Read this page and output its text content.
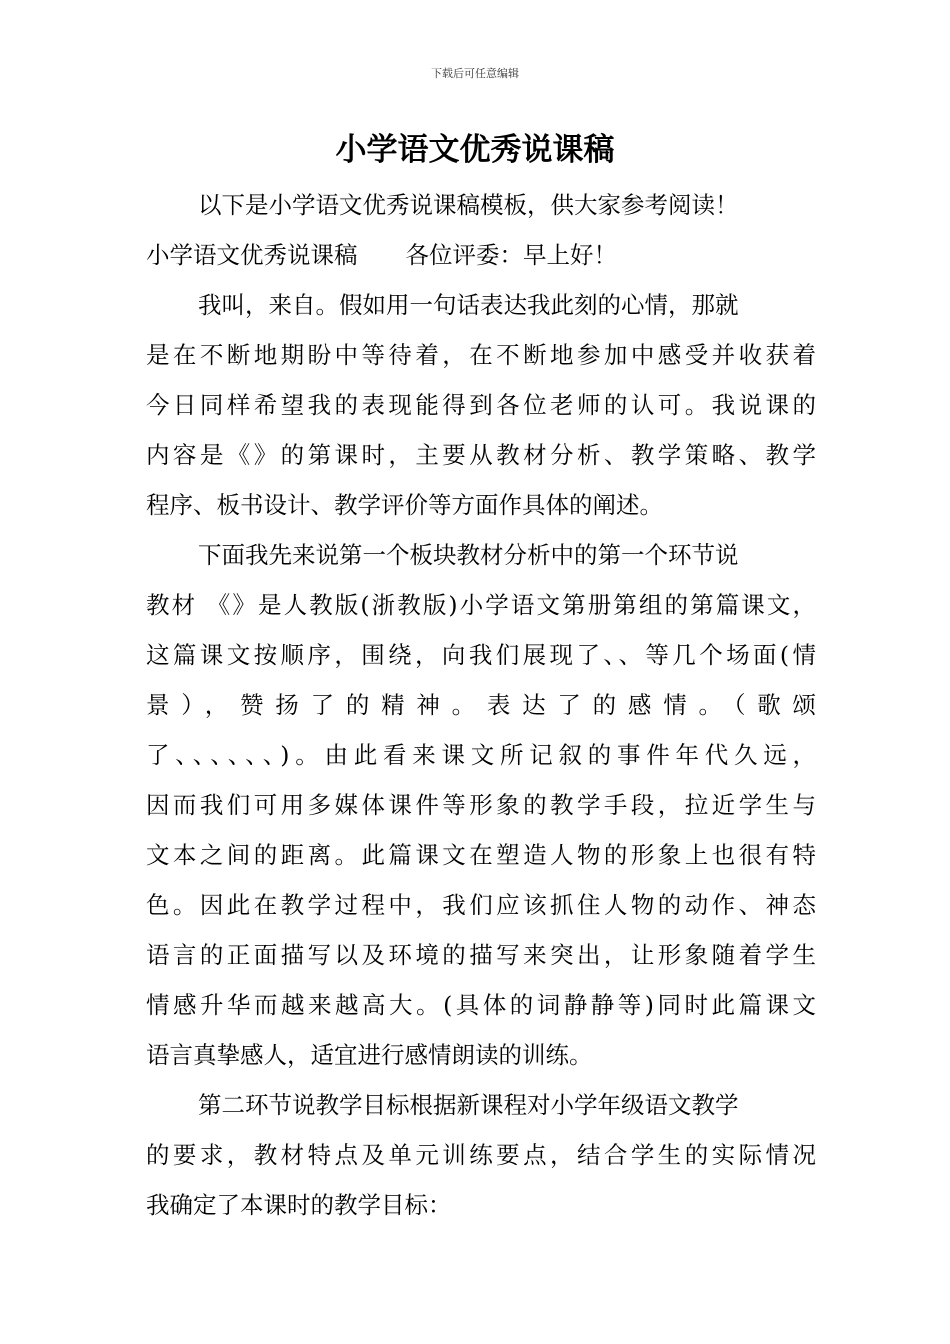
下载后可任意编辑
小学语文优秀说课稿
以下是小学语文优秀说课稿模板，供大家参考阅读！
小学语文优秀说课稿 各位评委：早上好！
我叫，来自。假如用一句话表达我此刻的心情，那就
是在不断地期盼中等待着，在不断地参加中感受并收获着
今日同样希望我的表现能得到各位老师的认可。我说课的
内容是《》的第课时，主要从教材分析、教学策略、教学
程序、板书设计、教学评价等方面作具体的阐述。
下面我先来说第一个板块教材分析中的第一个环节说
教材 《》是人教版(浙教版)小学语文第册第组的第篇课文，
这篇课文按顺序，围绕，向我们展现了、、等几个场面(情
景），赞扬了的精神。表达了的感情。（歌颂
了、、、、、、)。由此看来课文所记叙的事件年代久远，
因而我们可用多媒体课件等形象的教学手段，拉近学生与
文本之间的距离。此篇课文在塑造人物的形象上也很有特
色。因此在教学过程中，我们应该抓住人物的动作、神态
语言的正面描写以及环境的描写来突出，让形象随着学生
情感升华而越来越高大。(具体的词静静等)同时此篇课文
语言真挚感人，适宜进行感情朗读的训练。
第二环节说教学目标根据新课程对小学年级语文教学
的要求，教材特点及单元训练要点，结合学生的实际情况
我确定了本课时的教学目标：
